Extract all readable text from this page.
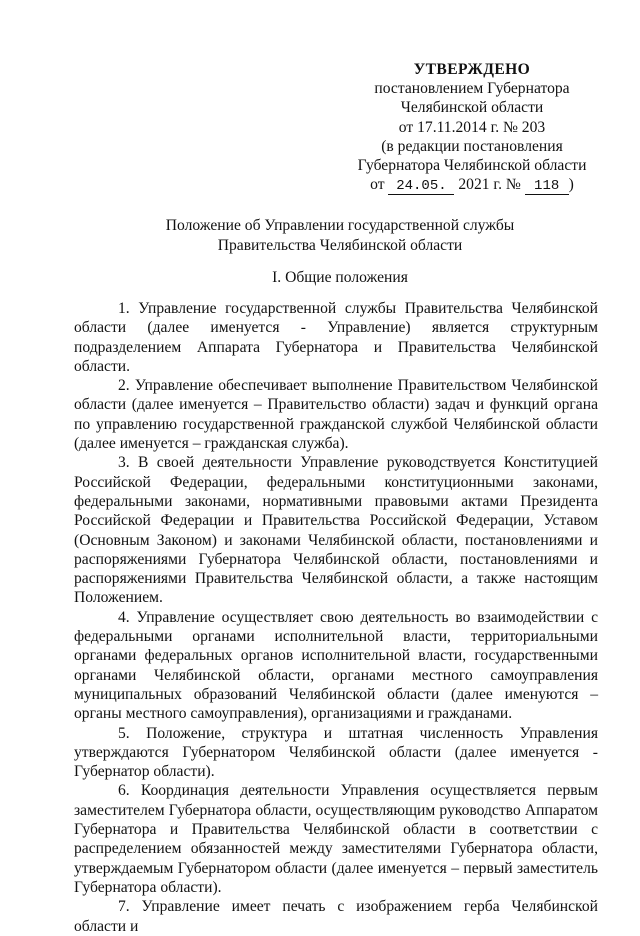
УТВЕРЖДЕНО
постановлением Губернатора
Челябинской области
от 17.11.2014 г. № 203
(в редакции постановления
Губернатора Челябинской области
от 24.05. 2021 г. № 118 )
Положение об Управлении государственной службы
Правительства Челябинской области
I. Общие положения

1. Управление государственной службы Правительства Челябинской области (далее именуется - Управление) является структурным подразделением Аппарата Губернатора и Правительства Челябинской области.

2. Управление обеспечивает выполнение Правительством Челябинской области (далее именуется – Правительство области) задач и функций органа по управлению государственной гражданской службой Челябинской области (далее именуется – гражданская служба).

3. В своей деятельности Управление руководствуется Конституцией Российской Федерации, федеральными конституционными законами, федеральными законами, нормативными правовыми актами Президента Российской Федерации и Правительства Российской Федерации, Уставом (Основным Законом) и законами Челябинской области, постановлениями и распоряжениями Губернатора Челябинской области, постановлениями и распоряжениями Правительства Челябинской области, а также настоящим Положением.

4. Управление осуществляет свою деятельность во взаимодействии с федеральными органами исполнительной власти, территориальными органами федеральных органов исполнительной власти, государственными органами Челябинской области, органами местного самоуправления муниципальных образований Челябинской области (далее именуются – органы местного самоуправления), организациями и гражданами.

5. Положение, структура и штатная численность Управления утверждаются Губернатором Челябинской области (далее именуется - Губернатор области).

6. Координация деятельности Управления осуществляется первым заместителем Губернатора области, осуществляющим руководство Аппаратом Губернатора и Правительства Челябинской области в соответствии с распределением обязанностей между заместителями Губернатора области, утверждаемым Губернатором области (далее именуется – первый заместитель Губернатора области).

7. Управление имеет печать с изображением герба Челябинской области и
